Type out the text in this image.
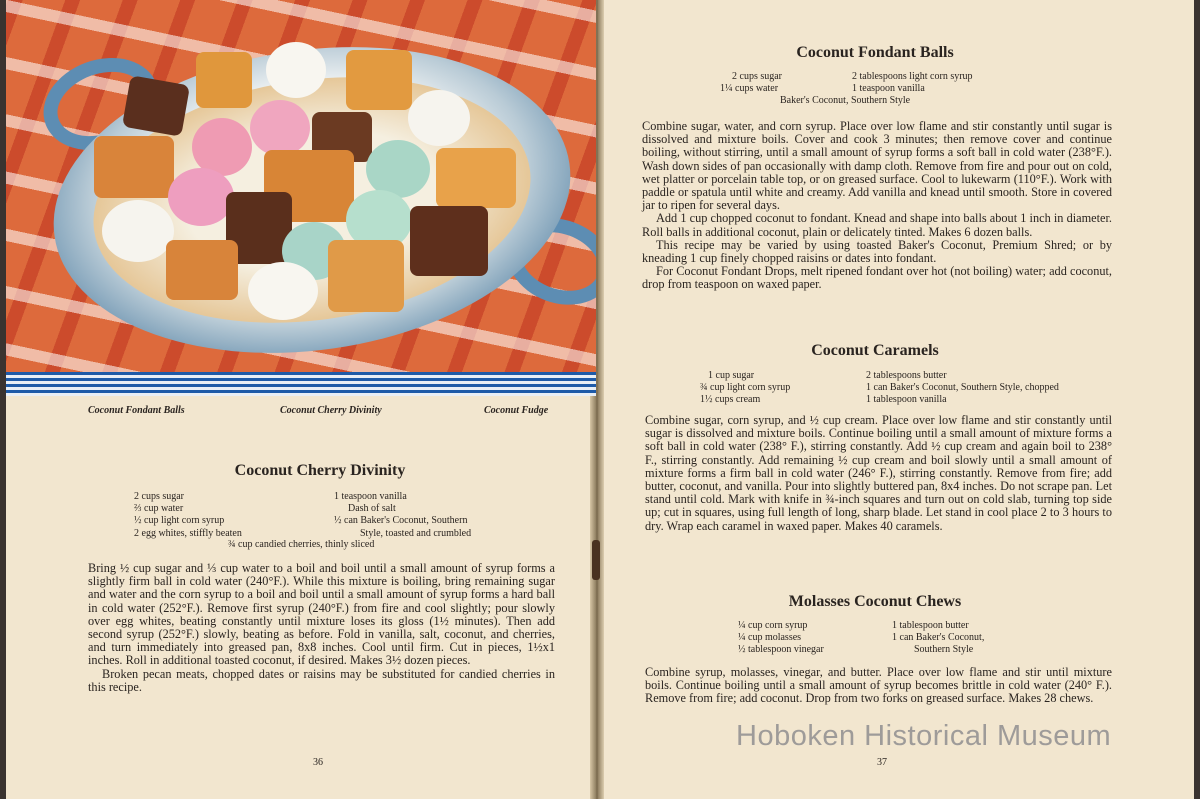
Coconut Fondant Balls	Coconut Cherry Divinity	Coconut Fudge
Coconut Cherry Divinity
2 cups sugar
⅔ cup water
½ cup light corn syrup
2 egg whites, stiffly beaten
1 teaspoon vanilla
Dash of salt
½ can Baker's Coconut, Southern
Style, toasted and crumbled
¾ cup candied cherries, thinly sliced

Bring ½ cup sugar and ⅓ cup water to a boil and boil until a small amount of syrup forms a slightly firm ball in cold water (240°F.). While this mixture is boiling, bring remaining sugar and water and the corn syrup to a boil and boil until a small amount of syrup forms a hard ball in cold water (252°F.). Remove first syrup (240°F.) from fire and cool slightly; pour slowly over egg whites, beating constantly until mixture loses its gloss (1½ minutes). Then add second syrup (252°F.) slowly, beating as before. Fold in vanilla, salt, coconut, and cherries, and turn immediately into greased pan, 8x8 inches. Cool until firm. Cut in pieces, 1½x1 inches. Roll in additional toasted coconut, if desired. Makes 3½ dozen pieces.

Broken pecan meats, chopped dates or raisins may be substituted for candied cherries in this recipe.

36
Coconut Fondant Balls
2 cups sugar
1¼ cups water
2 tablespoons light corn syrup
1 teaspoon vanilla
Baker's Coconut, Southern Style

Combine sugar, water, and corn syrup. Place over low flame and stir constantly until sugar is dissolved and mixture boils. Cover and cook 3 minutes; then remove cover and continue boiling, without stirring, until a small amount of syrup forms a soft ball in cold water (238°F.). Wash down sides of pan occasionally with damp cloth. Remove from fire and pour out on cold, wet platter or porcelain table top, or on greased surface. Cool to lukewarm (110°F.). Work with paddle or spatula until white and creamy. Add vanilla and knead until smooth. Store in covered jar to ripen for several days.

Add 1 cup chopped coconut to fondant. Knead and shape into balls about 1 inch in diameter. Roll balls in additional coconut, plain or delicately tinted. Makes 6 dozen balls.

This recipe may be varied by using toasted Baker's Coconut, Premium Shred; or by kneading 1 cup finely chopped raisins or dates into fondant.

For Coconut Fondant Drops, melt ripened fondant over hot (not boiling) water; add coconut, drop from teaspoon on waxed paper.

Coconut Caramels
1 cup sugar
¾ cup light corn syrup
1½ cups cream
2 tablespoons butter
1 can Baker's Coconut, Southern Style, chopped
1 tablespoon vanilla

Combine sugar, corn syrup, and ½ cup cream. Place over low flame and stir constantly until sugar is dissolved and mixture boils. Continue boiling until a small amount of mixture forms a soft ball in cold water (238° F.), stirring constantly. Add ½ cup cream and again boil to 238° F., stirring constantly. Add remaining ½ cup cream and boil slowly until a small amount of mixture forms a firm ball in cold water (246° F.), stirring constantly. Remove from fire; add butter, coconut, and vanilla. Pour into slightly buttered pan, 8x4 inches. Do not scrape pan. Let stand until cold. Mark with knife in ¾-inch squares and turn out on cold slab, turning top side up; cut in squares, using full length of long, sharp blade. Let stand in cool place 2 to 3 hours to dry. Wrap each caramel in waxed paper. Makes 40 caramels.

Molasses Coconut Chews
¼ cup corn syrup
¼ cup molasses
½ tablespoon vinegar
1 tablespoon butter
1 can Baker's Coconut,
Southern Style

Combine syrup, molasses, vinegar, and butter. Place over low flame and stir until mixture boils. Continue boiling until a small amount of syrup becomes brittle in cold water (240° F.). Remove from fire; add coconut. Drop from two forks on greased surface. Makes 28 chews.

37
Hoboken Historical Museum
